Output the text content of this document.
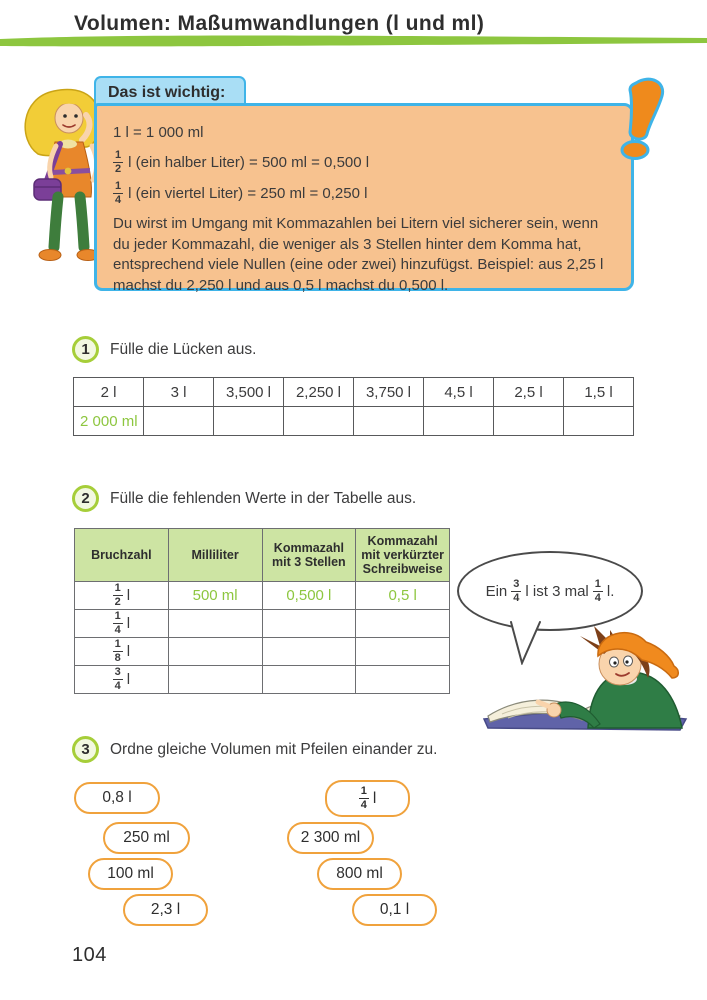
Volumen: Maßumwandlungen (l und ml)
Das ist wichtig:
1 l = 1 000 ml
$\frac{1}{2}$ l (ein halber Liter) = 500 ml = 0,500 l
$\frac{1}{4}$ l (ein viertel Liter) = 250 ml = 0,250 l
Du wirst im Umgang mit Kommazahlen bei Litern viel sicherer sein, wenn du jeder Kommazahl, die weniger als 3 Stellen hinter dem Komma hat, entsprechend viele Nullen (eine oder zwei) hinzufügst. Beispiel: aus 2,25 l machst du 2,250 l und aus 0,5 l machst du 0,500 l.
1 Fülle die Lücken aus.
2 l	3 l	3,500 l	2,250 l	3,750 l	4,5 l	2,5 l	1,5 l
2 000 ml							
2 Fülle die fehlenden Werte in der Tabelle aus.
Bruchzahl	Milliliter	Kommazahl mit 3 Stellen	Kommazahl mit verkürzter Schreibweise

$\frac{1}{2}$ l	500 ml	0,500 l	0,5 l

$\frac{1}{4}$ l			

$\frac{1}{8}$ l			

$\frac{3}{4}$ l			

Ein $\frac{3}{4}$ l ist 3 mal $\frac{1}{4} l$.
3 Ordne gleiche Volumen mit Pfeilen einander zu.
0,8 l
250 ml
100 ml
2,3 l
$\frac{1}{4}$ l
2 300 ml
800 ml
0,1 l
104
